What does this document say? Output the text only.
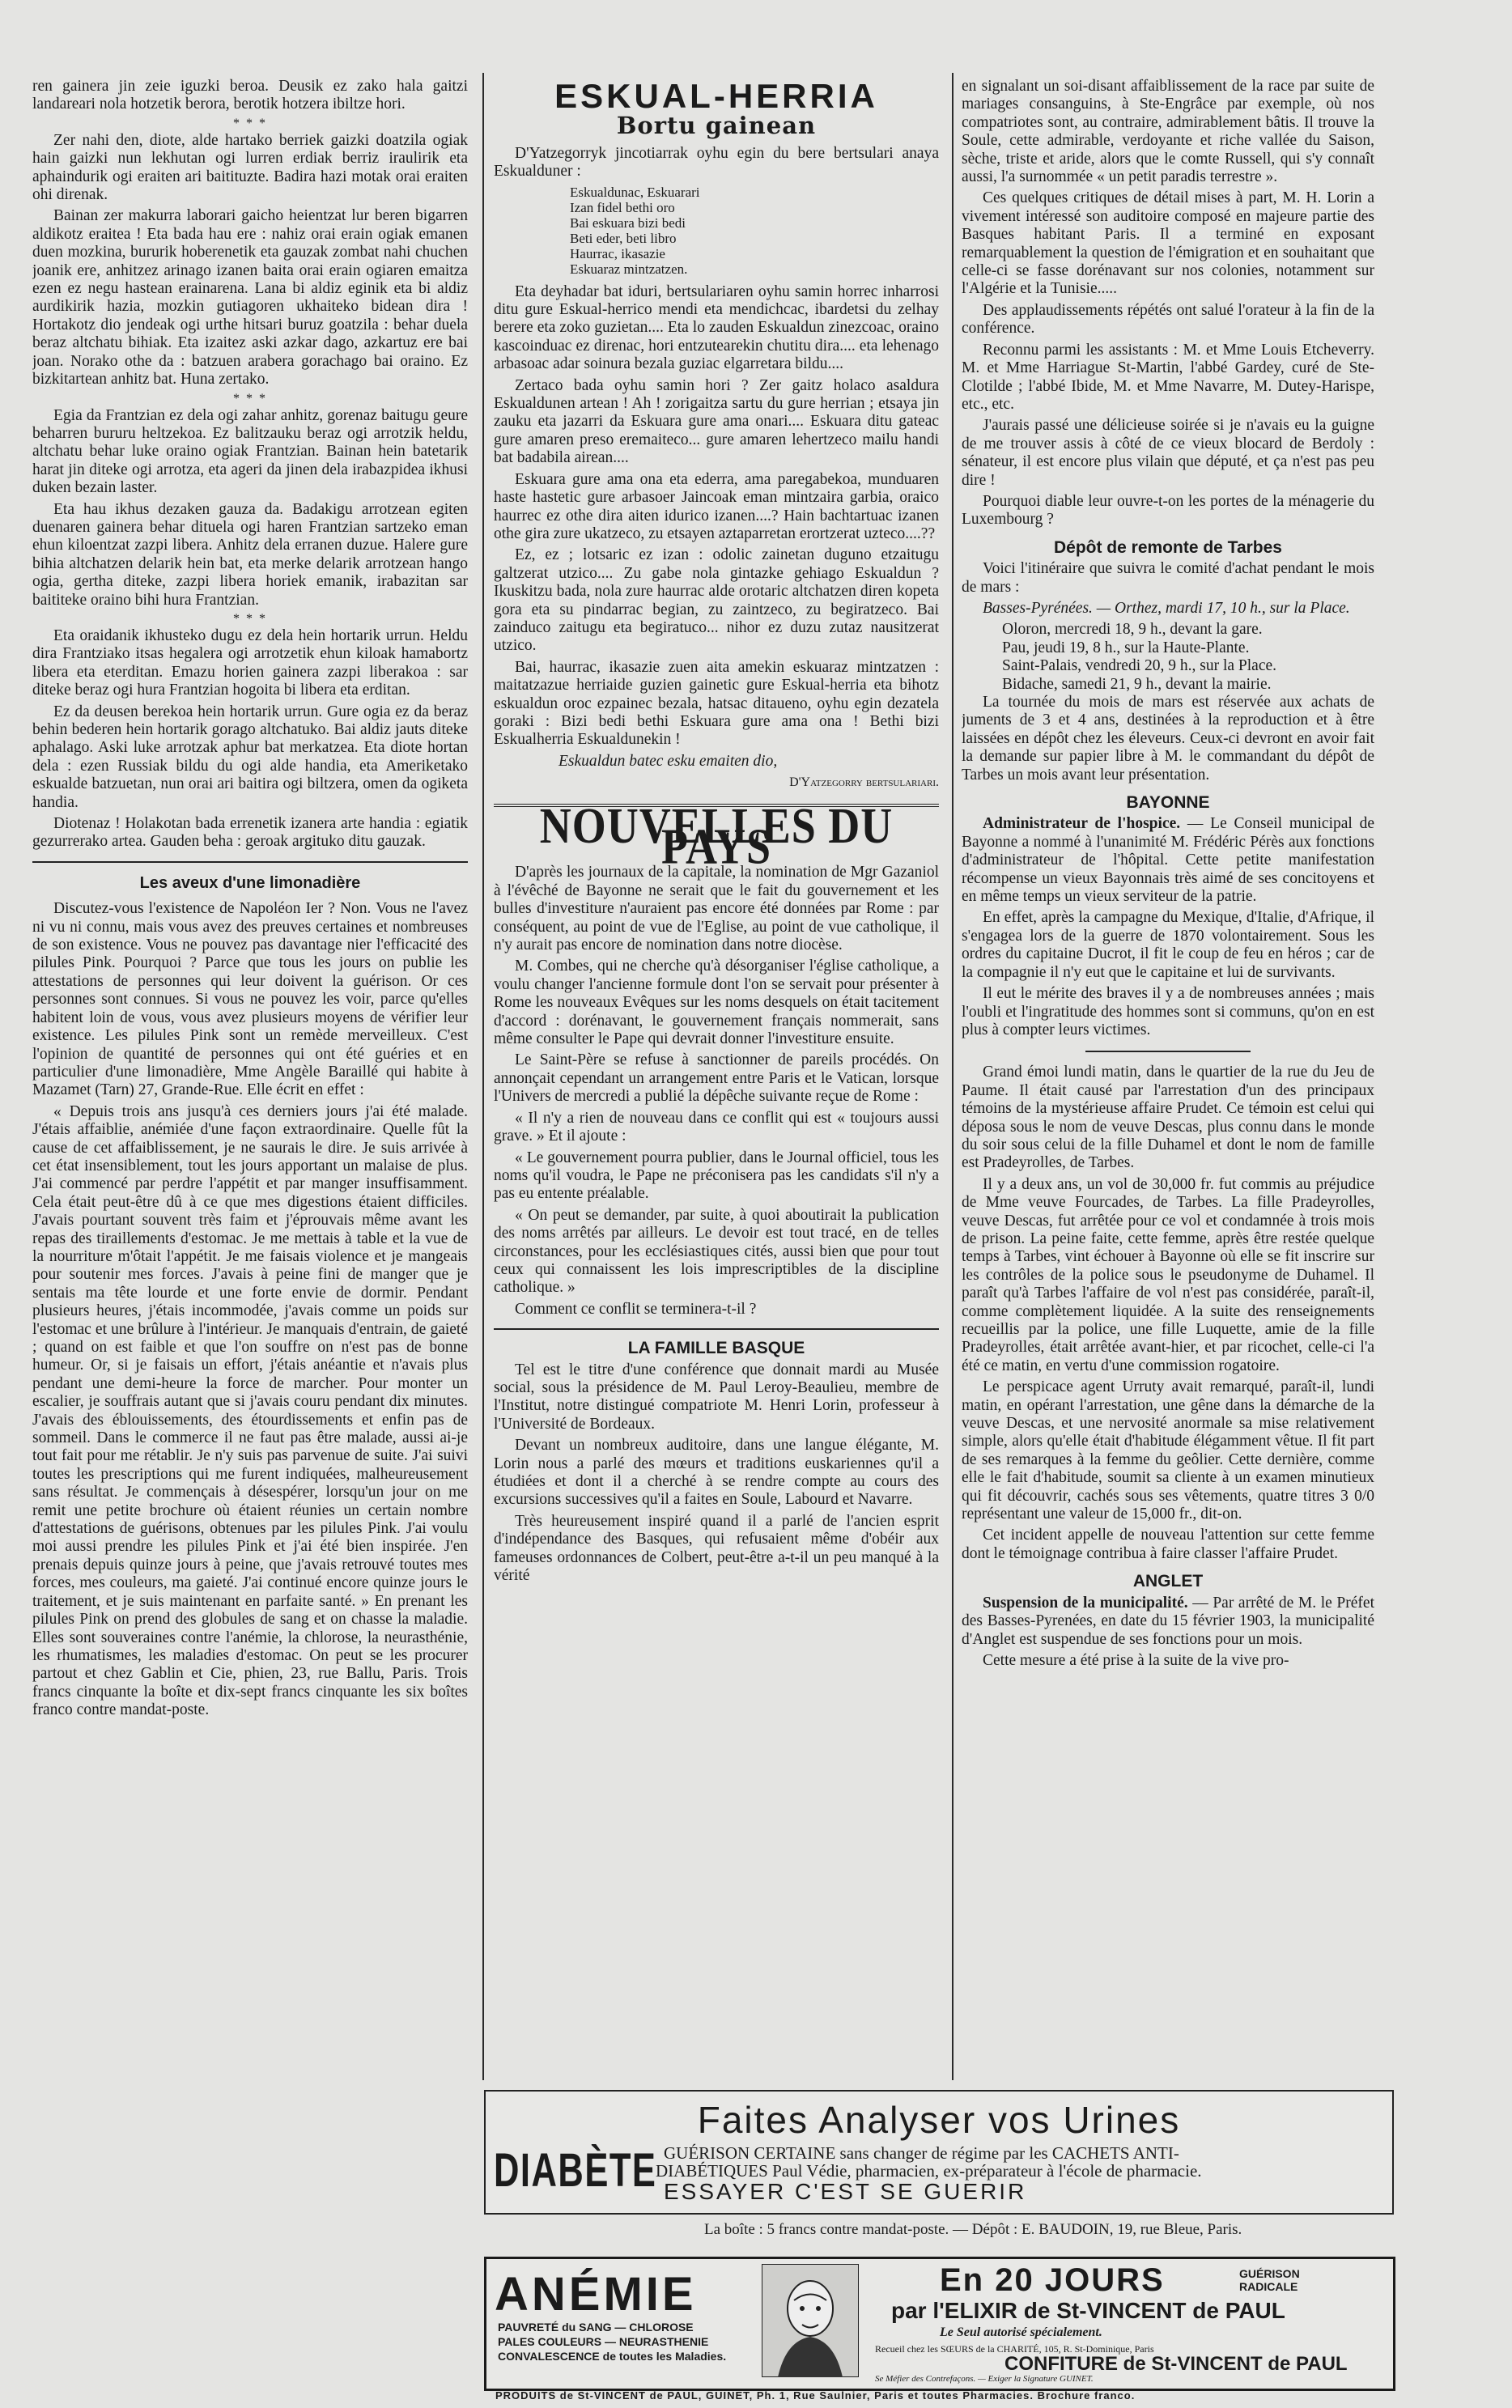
ren gainera jin zeie iguzki beroa. Deusik ez zako hala gaitzi landareari nola hotzetik berora, berotik hotzera ibiltze hori.

* * *

Zer nahi den, diote, alde hartako berriek gaizki doatzila ogiak hain gaizki nun lekhutan ogi lurren erdiak berriz iraulirik eta aphaindurik ogi eraiten ari baitituzte. Badira hazi motak orai eraiten ohi direnak.

Bainan zer makurra laborari gaicho heientzat lur beren bigarren aldikotz eraitea ! Eta bada hau ere : nahiz orai erain ogiak emanen duen mozkina, bururik hoberenetik eta gauzak zombat nahi chuchen joanik ere, anhitzez arinago izanen baita orai erain ogiaren emaitza ezen ez negu hastean erainarena. Lana bi aldiz eginik eta bi aldiz aurdikirik hazia, mozkin gutiagoren ukhaiteko bidean dira ! Hortakotz dio jendeak ogi urthe hitsari buruz goatzila : behar duela beraz altchatu bihiak. Eta izaitez aski azkar dago, azkartuz ere bai joan. Norako othe da : batzuen arabera gorachago bai oraino. Ez bizkitartean anhitz bat. Huna zertako.

* * *

Egia da Frantzian ez dela ogi zahar anhitz, gorenaz baitugu geure beharren bururu heltzekoa. Ez balitzauku beraz ogi arrotzik heldu, altchatu behar luke oraino ogiak Frantzian. Bainan hein batetarik harat jin diteke ogi arrotza, eta ageri da jinen dela irabazpidea ikhusi duken bezain laster.

Eta hau ikhus dezaken gauza da. Badakigu arrotzean egiten duenaren gainera behar dituela ogi haren Frantzian sartzeko eman ehun kiloentzat zazpi libera. Anhitz dela erranen duzue. Halere gure bihia altchatzen delarik hein bat, eta merke delarik arrotzean hango ogia, gertha diteke, zazpi libera horiek emanik, irabazitan sar baititeke oraino bihi hura Frantzian.

* * *

Eta oraidanik ikhusteko dugu ez dela hein hortarik urrun. Heldu dira Frantziako itsas hegalera ogi arrotzetik ehun kiloak hamabortz libera eta eterditan. Emazu horien gainera zazpi liberakoa : sar diteke beraz ogi hura Frantzian hogoita bi libera eta erditan.

Ez da deusen berekoa hein hortarik urrun. Gure ogia ez da beraz behin bederen hein hortarik gorago altchatuko. Bai aldiz jauts diteke aphalago. Aski luke arrotzak aphur bat merkatzea. Eta diote hortan dela : ezen Russiak bildu du ogi alde handia, eta Ameriketako eskualde batzuetan, nun orai ari baitira ogi biltzera, omen da ogiketa handia.

Diotenaz ! Holakotan bada errenetik izanera arte handia : egiatik gezurrerako artea. Gauden beha : geroak argituko ditu gauzak.

Les aveux d'une limonadière

Discutez-vous l'existence de Napoléon Ier ? Non. Vous ne l'avez ni vu ni connu, mais vous avez des preuves certaines et nombreuses de son existence. Vous ne pouvez pas davantage nier l'efficacité des pilules Pink. Pourquoi ? Parce que tous les jours on publie les attestations de personnes qui leur doivent la guérison. Or ces personnes sont connues. Si vous ne pouvez les voir, parce qu'elles habitent loin de vous, vous avez plusieurs moyens de vérifier leur existence. Les pilules Pink sont un remède merveilleux. C'est l'opinion de quantité de personnes qui ont été guéries et en particulier d'une limonadière, Mme Angèle Baraillé qui habite à Mazamet (Tarn) 27, Grande-Rue. Elle écrit en effet :

« Depuis trois ans jusqu'à ces derniers jours j'ai été malade. J'étais affaiblie, anémiée d'une façon extraordinaire. Quelle fût la cause de cet affaiblissement, je ne saurais le dire. Je suis arrivée à cet état insensiblement, tout les jours apportant un malaise de plus. J'ai commencé par perdre l'appétit et par manger insuffisamment. Cela était peut-être dû à ce que mes digestions étaient difficiles. J'avais pourtant souvent très faim et j'éprouvais même avant les repas des tiraillements d'estomac. Je me mettais à table et la vue de la nourriture m'ôtait l'appétit. Je me faisais violence et je mangeais pour soutenir mes forces. J'avais à peine fini de manger que je sentais ma tête lourde et une forte envie de dormir. Pendant plusieurs heures, j'étais incommodée, j'avais comme un poids sur l'estomac et une brûlure à l'intérieur. Je manquais d'entrain, de gaieté ; quand on est faible et que l'on souffre on n'est pas de bonne humeur. Or, si je faisais un effort, j'étais anéantie et n'avais plus pendant une demi-heure la force de marcher. Pour monter un escalier, je souffrais autant que si j'avais couru pendant dix minutes. J'avais des éblouissements, des étourdissements et enfin pas de sommeil. Dans le commerce il ne faut pas être malade, aussi ai-je tout fait pour me rétablir. Je n'y suis pas parvenue de suite. J'ai suivi toutes les prescriptions qui me furent indiquées, malheureusement sans résultat. Je commençais à désespérer, lorsqu'un jour on me remit une petite brochure où étaient réunies un certain nombre d'attestations de guérisons, obtenues par les pilules Pink. J'ai voulu moi aussi prendre les pilules Pink et j'ai été bien inspirée. J'en prenais depuis quinze jours à peine, que j'avais retrouvé toutes mes forces, mes couleurs, ma gaieté. J'ai continué encore quinze jours le traitement, et je suis maintenant en parfaite santé. » En prenant les pilules Pink on prend des globules de sang et on chasse la maladie. Elles sont souveraines contre l'anémie, la chlorose, la neurasthénie, les rhumatismes, les maladies d'estomac. On peut se les procurer partout et chez Gablin et Cie, phien, 23, rue Ballu, Paris. Trois francs cinquante la boîte et dix-sept francs cinquante les six boîtes franco contre mandat-poste.

ESKUAL-HERRIA
Bortu gainean

D'Yatzegorryk jincotiarrak oyhu egin du bere bertsulari anaya Eskualduner :

Eskualdunac, Eskuarari
Izan fidel bethi oro
Bai eskuara bizi bedi
Beti eder, beti libro
Haurrac, ikasazie
Eskuaraz mintzatzen.

Eta deyhadar bat iduri, bertsulariaren oyhu samin horrec inharrosi ditu gure Eskual-herrico mendi eta mendichcac, ibardetsi du zelhay berere eta zoko guzietan.... Eta lo zauden Eskualdun zinezcoac, oraino kascoinduac ez direnac, hori entzutearekin chutitu dira.... eta lehenago arbasoac adar soinura bezala guziac elgarretara bildu....

Zertaco bada oyhu samin hori ? Zer gaitz holaco asaldura Eskualdunen artean ! Ah ! zorigaitza sartu du gure herrian ; etsaya jin zauku eta jazarri da Eskuara gure ama onari.... Eskuara ditu gateac gure amaren preso eremaiteco... gure amaren lehertzeco mailu handi bat badabila airean....

Eskuara gure ama ona eta ederra, ama paregabekoa, munduaren haste hastetic gure arbasoer Jaincoak eman mintzaira garbia, oraico haurrec ez othe dira aiten idurico izanen....? Hain bachtartuac izanen othe gira zure ukatzeco, zu etsayen aztaparretan erortzerat uzteco....??

Ez, ez ; lotsaric ez izan : odolic zainetan duguno etzaitugu galtzerat utzico.... Zu gabe nola gintazke gehiago Eskualdun ? Ikuskitzu bada, nola zure haurrac alde orotaric altchatzen diren kopeta gora eta su pindarrac begian, zu zaintzeco, zu begiratzeco. Bai zainduco zaitugu eta begiratuco... nihor ez duzu zutaz nausitzerat utzico.

Bai, haurrac, ikasazie zuen aita amekin eskuaraz mintzatzen : maitatzazue herriaide guzien gainetic gure Eskual-herria eta bihotz eskualdun oroc ezpainec bezala, hatsac ditaueno, oyhu egin dezatela goraki : Bizi bedi bethi Eskuara gure ama ona ! Bethi bizi Eskualherria Eskualdunekin !

Eskualdun batec esku emaiten dio,

D'Yatzegorry bertsulariari.
NOUVELLES DU PAYS

D'après les journaux de la capitale, la nomination de Mgr Gazaniol à l'évêché de Bayonne ne serait que le fait du gouvernement et les bulles d'investiture n'auraient pas encore été données par Rome : par conséquent, au point de vue de l'Eglise, au point de vue catholique, il n'y aurait pas encore de nomination dans notre diocèse.

M. Combes, qui ne cherche qu'à désorganiser l'église catholique, a voulu changer l'ancienne formule dont l'on se servait pour présenter à Rome les nouveaux Evêques sur les noms desquels on était tacitement d'accord : dorénavant, le gouvernement français nommerait, sans même consulter le Pape qui devrait donner l'investiture ensuite.

Le Saint-Père se refuse à sanctionner de pareils procédés. On annonçait cependant un arrangement entre Paris et le Vatican, lorsque l'Univers de mercredi a publié la dépêche suivante reçue de Rome :

« Il n'y a rien de nouveau dans ce conflit qui est « toujours aussi grave. » Et il ajoute :

« Le gouvernement pourra publier, dans le Journal officiel, tous les noms qu'il voudra, le Pape ne préconisera pas les candidats s'il n'y a pas eu entente préalable.

« On peut se demander, par suite, à quoi aboutirait la publication des noms arrêtés par ailleurs. Le devoir est tout tracé, en de telles circonstances, pour les ecclésiastiques cités, aussi bien que pour tout ceux qui connaissent les lois imprescriptibles de la discipline catholique. »

Comment ce conflit se terminera-t-il ?

LA FAMILLE BASQUE

Tel est le titre d'une conférence que donnait mardi au Musée social, sous la présidence de M. Paul Leroy-Beaulieu, membre de l'Institut, notre distingué compatriote M. Henri Lorin, professeur à l'Université de Bordeaux.

Devant un nombreux auditoire, dans une langue élégante, M. Lorin nous a parlé des mœurs et traditions euskariennes qu'il a étudiées et dont il a cherché à se rendre compte au cours des excursions successives qu'il a faites en Soule, Labourd et Navarre.

Très heureusement inspiré quand il a parlé de l'ancien esprit d'indépendance des Basques, qui refusaient même d'obéir aux fameuses ordonnances de Colbert, peut-être a-t-il un peu manqué à la vérité

en signalant un soi-disant affaiblissement de la race par suite de mariages consanguins, à Ste-Engrâce par exemple, où nos compatriotes sont, au contraire, admirablement bâtis. Il trouve la Soule, cette admirable, verdoyante et riche vallée du Saison, sèche, triste et aride, alors que le comte Russell, qui s'y connaît aussi, l'a surnommée « un petit paradis terrestre ».

Ces quelques critiques de détail mises à part, M. H. Lorin a vivement intéressé son auditoire composé en majeure partie des Basques habitant Paris. Il a terminé en exposant remarquablement la question de l'émigration et en souhaitant que celle-ci se fasse dorénavant sur nos colonies, notamment sur l'Algérie et la Tunisie.....

Des applaudissements répétés ont salué l'orateur à la fin de la conférence.

Reconnu parmi les assistants : M. et Mme Louis Etcheverry. M. et Mme Harriague St-Martin, l'abbé Gardey, curé de Ste-Clotilde ; l'abbé Ibide, M. et Mme Navarre, M. Dutey-Harispe, etc., etc.

J'aurais passé une délicieuse soirée si je n'avais eu la guigne de me trouver assis à côté de ce vieux blocard de Berdoly : sénateur, il est encore plus vilain que député, et ça n'est pas peu dire !

Pourquoi diable leur ouvre-t-on les portes de la ménagerie du Luxembourg ?

Dépôt de remonte de Tarbes

Voici l'itinéraire que suivra le comité d'achat pendant le mois de mars :

Basses-Pyrénées. — Orthez, mardi 17, 10 h., sur la Place.

Oloron, mercredi 18, 9 h., devant la gare.

Pau, jeudi 19, 8 h., sur la Haute-Plante.

Saint-Palais, vendredi 20, 9 h., sur la Place.

Bidache, samedi 21, 9 h., devant la mairie.

La tournée du mois de mars est réservée aux achats de juments de 3 et 4 ans, destinées à la reproduction et à être laissées en dépôt chez les éleveurs. Ceux-ci devront en avoir fait la demande sur papier libre à M. le commandant du dépôt de Tarbes un mois avant leur présentation.

BAYONNE

Administrateur de l'hospice. — Le Conseil municipal de Bayonne a nommé à l'unanimité M. Frédéric Pérès aux fonctions d'administrateur de l'hôpital. Cette petite manifestation récompense un vieux Bayonnais très aimé de ses concitoyens et en même temps un vieux serviteur de la patrie.

En effet, après la campagne du Mexique, d'Italie, d'Afrique, il s'engagea lors de la guerre de 1870 volontairement. Sous les ordres du capitaine Ducrot, il fit le coup de feu en héros ; car de la compagnie il n'y eut que le capitaine et lui de survivants.

Il eut le mérite des braves il y a de nombreuses années ; mais l'oubli et l'ingratitude des hommes sont si communs, qu'on en est plus à compter leurs victimes.

Grand émoi lundi matin, dans le quartier de la rue du Jeu de Paume. Il était causé par l'arrestation d'un des principaux témoins de la mystérieuse affaire Prudet. Ce témoin est celui qui déposa sous le nom de veuve Descas, plus connu dans le monde du soir sous celui de la fille Duhamel et dont le nom de famille est Pradeyrolles, de Tarbes.

Il y a deux ans, un vol de 30,000 fr. fut commis au préjudice de Mme veuve Fourcades, de Tarbes. La fille Pradeyrolles, veuve Descas, fut arrêtée pour ce vol et condamnée à trois mois de prison. La peine faite, cette femme, après être restée quelque temps à Tarbes, vint échouer à Bayonne où elle se fit inscrire sur les contrôles de la police sous le pseudonyme de Duhamel. Il paraît qu'à Tarbes l'affaire de vol n'est pas considérée, paraît-il, comme complètement liquidée. A la suite des renseignements recueillis par la police, une fille Luquette, amie de la fille Pradeyrolles, était arrêtée avant-hier, et par ricochet, celle-ci l'a été ce matin, en vertu d'une commission rogatoire.

Le perspicace agent Urruty avait remarqué, paraît-il, lundi matin, en opérant l'arrestation, une gêne dans la démarche de la veuve Descas, et une nervosité anormale sa mise relativement simple, alors qu'elle était d'habitude élégamment vêtue. Il fit part de ses remarques à la femme du geôlier. Cette dernière, comme elle le fait d'habitude, soumit sa cliente à un examen minutieux qui fit découvrir, cachés sous ses vêtements, quatre titres 3 0/0 représentant une valeur de 15,000 fr., dit-on.

Cet incident appelle de nouveau l'attention sur cette femme dont le témoignage contribua à faire classer l'affaire Prudet.

ANGLET

Suspension de la municipalité. — Par arrêté de M. le Préfet des Basses-Pyrenées, en date du 15 février 1903, la municipalité d'Anglet est suspendue de ses fonctions pour un mois.

Cette mesure a été prise à la suite de la vive pro-

Faites Analyser vos Urines
DIABÈTE GUÉRISON CERTAINE sans changer de régime par les CACHETS ANTI-
DIABÉTIQUES Paul Védie, pharmacien, ex-préparateur à l'école de pharmacie.
ESSAYER C'EST SE GUERIR
La boîte : 5 francs contre mandat-poste. — Dépôt : E. BAUDOIN, 19, rue Bleue, Paris.
ANÉMIE
PAUVRETÉ du SANG — CHLOROSE
PALES COULEURS — NEURASTHENIE
CONVALESCENCE de toutes les Maladies.
En 20 JOURS	GUÉRISON RADICALE
par l'ELIXIR de St-VINCENT de PAUL
Le Seul autorisé spécialement.
Recueil chez les SŒURS de la CHARITÉ, 105, R. St-Dominique, Paris
CONFITURE de St-VINCENT de PAUL
Se Méfier des Contrefaçons. — Exiger la Signature GUINET.
PRODUITS de St-VINCENT de PAUL, GUINET, Ph. 1, Rue Saulnier, Paris et toutes Pharmacies. Brochure franco.
